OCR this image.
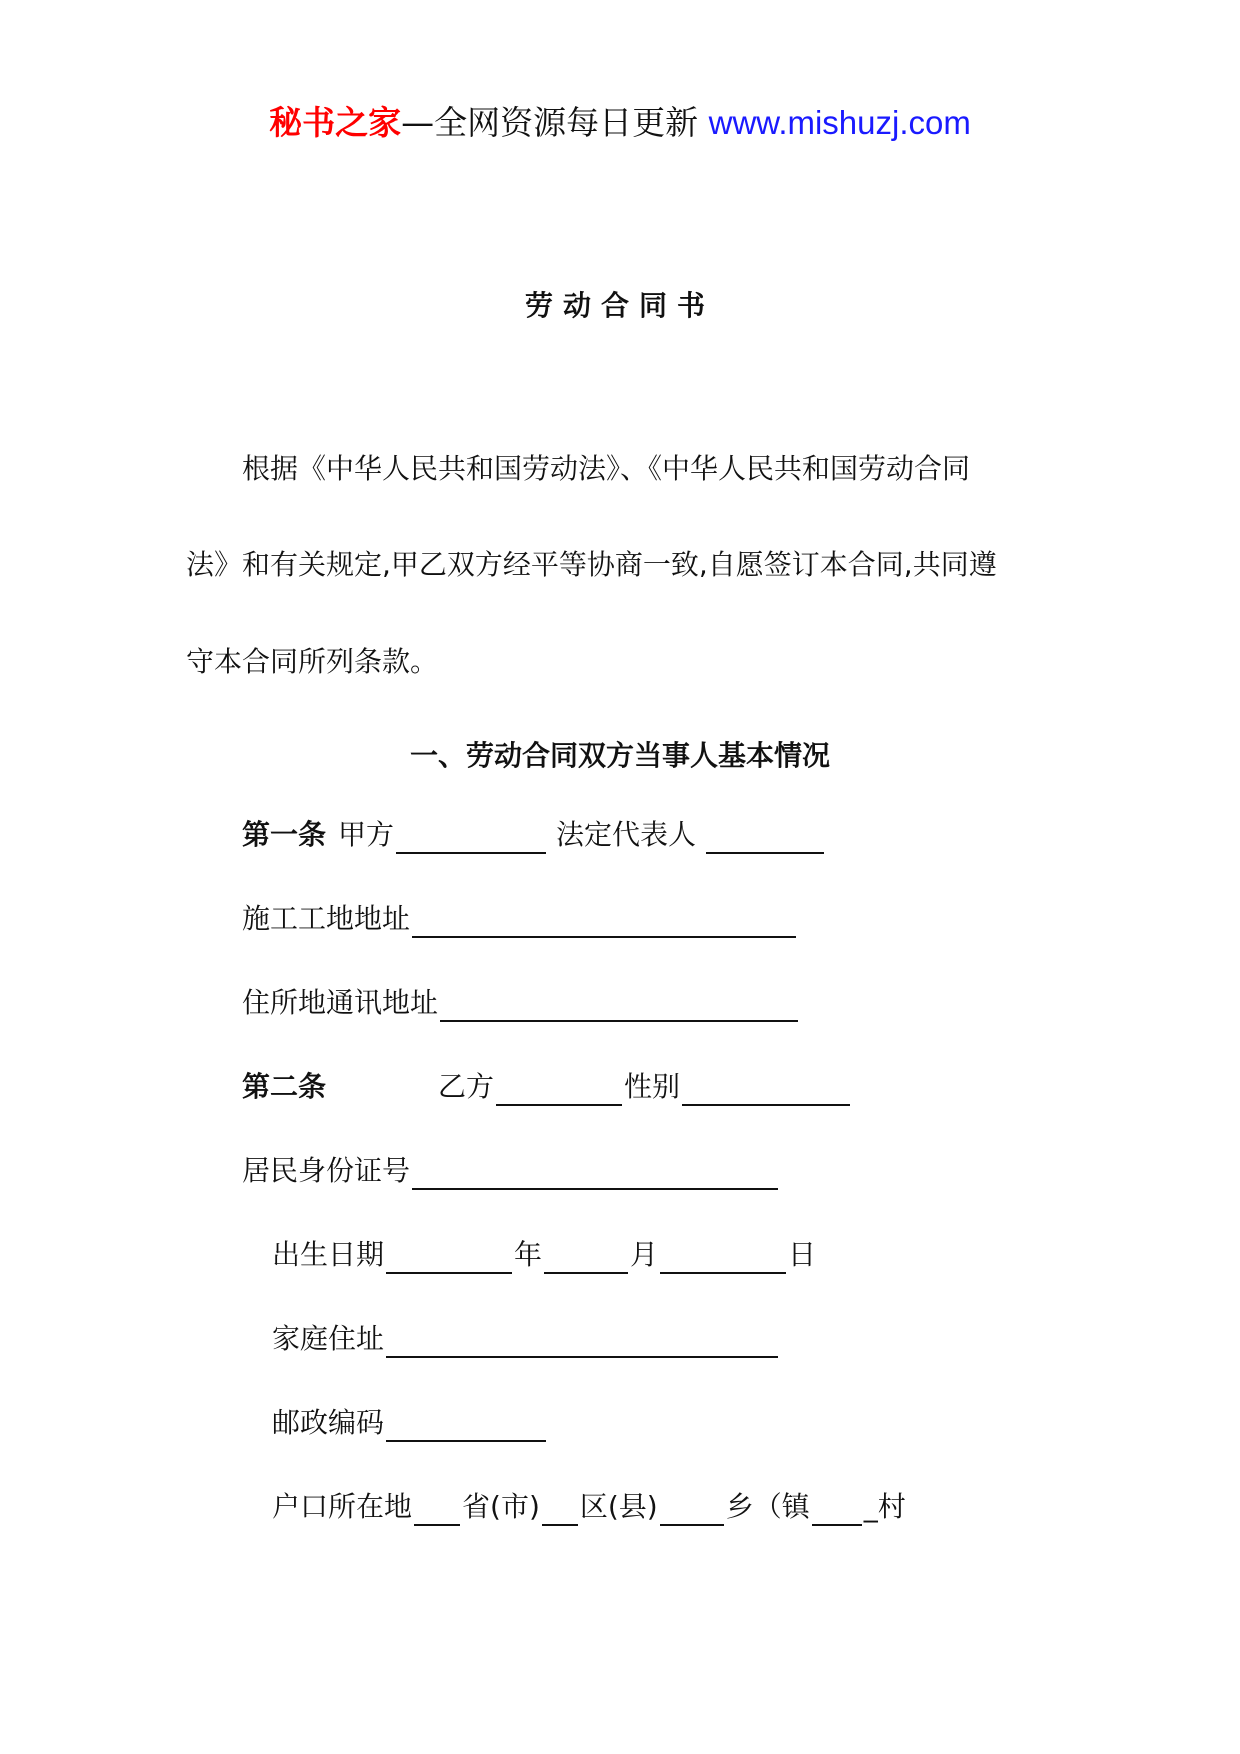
秘书之家—全网资源每日更新 www.mishuzj.com
劳动合同书
根据《中华人民共和国劳动法》、《中华人民共和国劳动合同
法》和有关规定,甲乙双方经平等协商一致,自愿签订本合同,共同遵
守本合同所列条款。
一、劳动合同双方当事人基本情况
第一条 甲方	法定代表人
施工工地地址
住所地通讯地址
第二条	乙方	性别
居民身份证号
出生日期	年	月	日
家庭住址
邮政编码
户口所在地 省(市) 区(县) 乡（镇 _村
